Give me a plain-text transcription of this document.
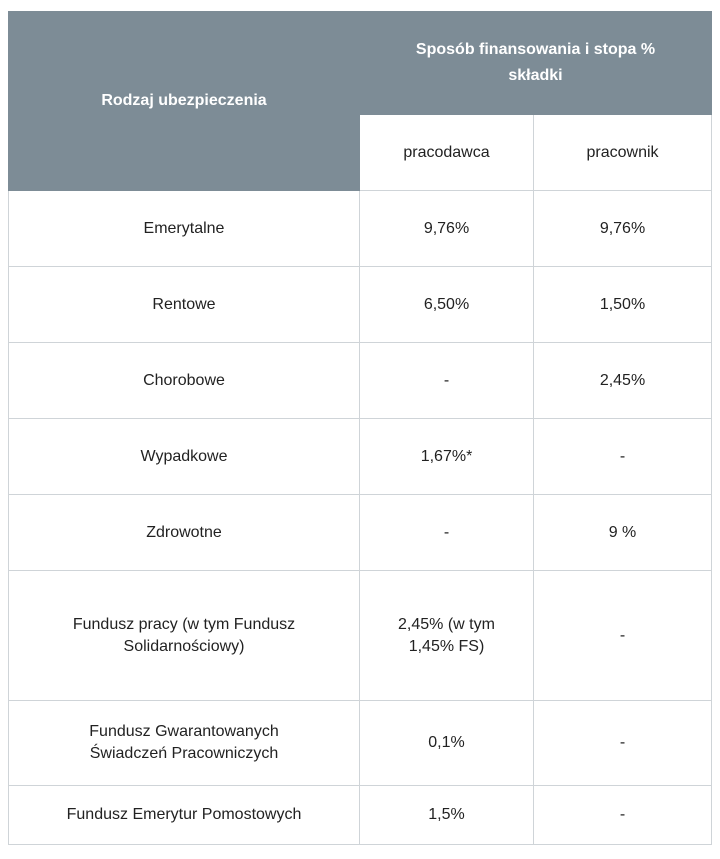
Rodzaj ubezpieczenia	Sposób finansowania i stopa % składki	
	pracodawca	pracownik
Emerytalne	9,76%	9,76%
Rentowe	6,50%	1,50%
Chorobowe	-	2,45%
Wypadkowe	1,67%*	-
Zdrowotne	-	9 %
Fundusz pracy (w tym Fundusz Solidarnościowy)	2,45% (w tym 1,45% FS)	-
Fundusz Gwarantowanych Świadczeń Pracowniczych	0,1%	-
Fundusz Emerytur Pomostowych	1,5%	-
